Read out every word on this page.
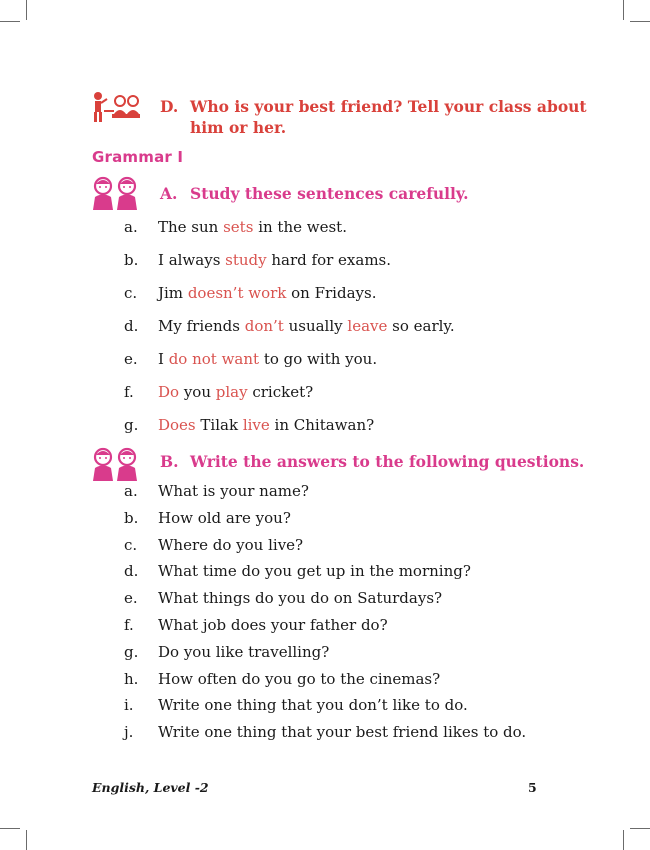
D. Who is your best friend? Tell your class about him or her.
Grammar I
A. Study these sentences carefully.
a. The sun sets in the west.
b. I always study hard for exams.
c. Jim doesn’t work on Fridays.
d. My friends don’t usually leave so early.
e. I do not want to go with you.
f. Do you play cricket?
g. Does Tilak live in Chitawan?
B. Write the answers to the following questions.
a. What is your name?
b. How old are you?
c. Where do you live?
d. What time do you get up in the morning?
e. What things do you do on Saturdays?
f. What job does your father do?
g. Do you like travelling?
h. How often do you go to the cinemas?
i. Write one thing that you don’t like to do.
j. Write one thing that your best friend likes to do.
English, Level -2	5
